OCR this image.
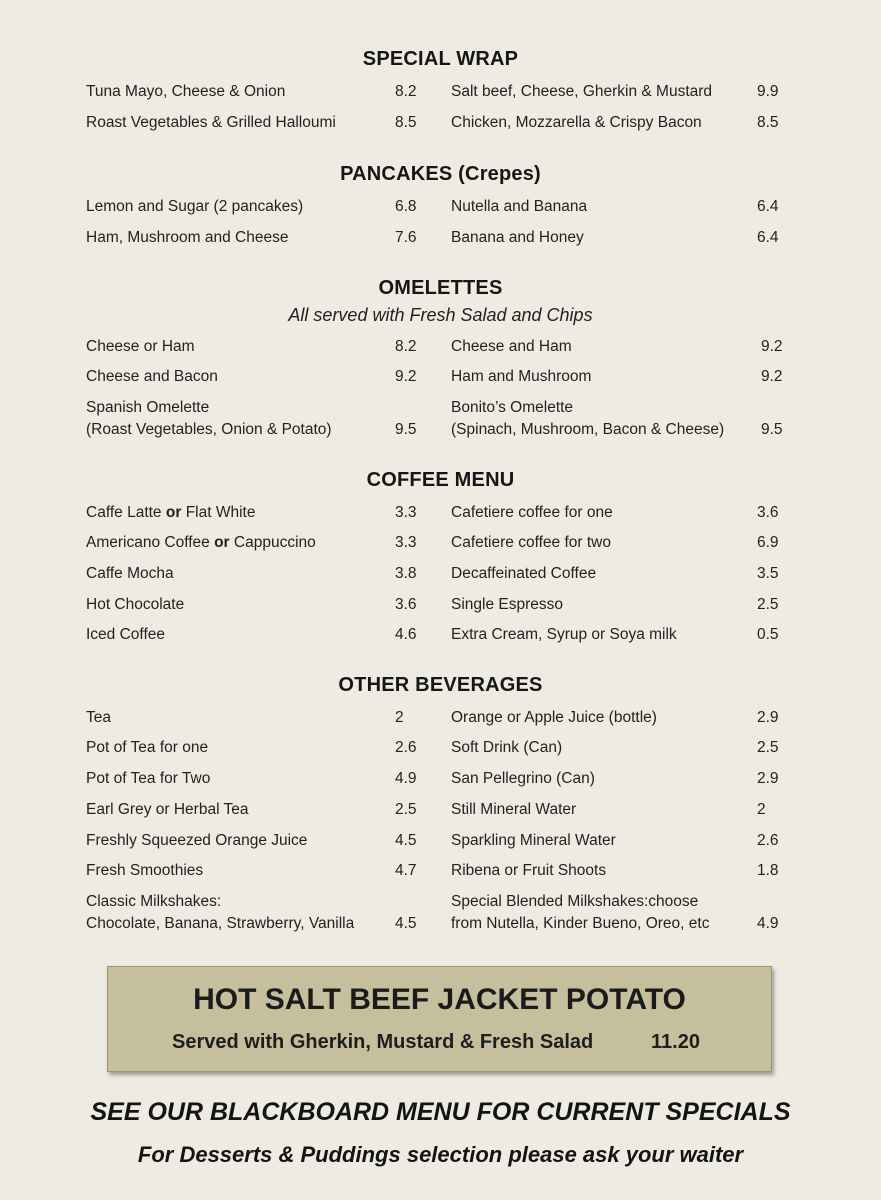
SPECIAL WRAP
Tuna Mayo, Cheese & Onion	8.2 Salt beef, Cheese, Gherkin & Mustard	9.9
Roast Vegetables & Grilled Halloumi	8.5 Chicken, Mozzarella & Crispy Bacon	8.5
PANCAKES (Crepes)
Lemon and Sugar (2 pancakes)	6.8 Nutella and Banana	6.4
Ham, Mushroom and Cheese	7.6 Banana and Honey	6.4
OMELETTES
All served with Fresh Salad and Chips
Cheese or Ham	8.2 Cheese and Ham	9.2
Cheese and Bacon	9.2 Ham and Mushroom	9.2
Spanish Omelette
(Roast Vegetables, Onion & Potato)	9.5
Bonito’s Omelette
(Spinach, Mushroom, Bacon & Cheese) 9.5
COFFEE MENU
Caffe Latte or Flat White	3.3 Cafetiere coffee for one	3.6
Americano Coffee or Cappuccino	3.3 Cafetiere coffee for two	6.9
Caffe Mocha	3.8 Decaffeinated Coffee	3.5
Hot Chocolate	3.6 Single Espresso	2.5
Iced Coffee	4.6 Extra Cream, Syrup or Soya milk	0.5
OTHER BEVERAGES
Tea	2	Orange or Apple Juice (bottle)	2.9
Pot of Tea for one	2.6 Soft Drink (Can)	2.5
Pot of Tea for Two	4.9 San Pellegrino (Can)	2.9
Earl Grey or Herbal Tea	2.5 Still Mineral Water	2
Freshly Squeezed Orange Juice	4.5 Sparkling Mineral Water	2.6
Fresh Smoothies	4.7 Ribena or Fruit Shoots	1.8
Classic Milkshakes:
Chocolate, Banana, Strawberry, Vanilla	4.5
Special Blended Milkshakes:choose
from Nutella, Kinder Bueno, Oreo, etc	4.9
HOT SALT BEEF JACKET POTATO
Served with Gherkin, Mustard & Fresh Salad	11.20
SEE OUR BLACKBOARD MENU FOR CURRENT SPECIALS
For Desserts & Puddings selection please ask your waiter
